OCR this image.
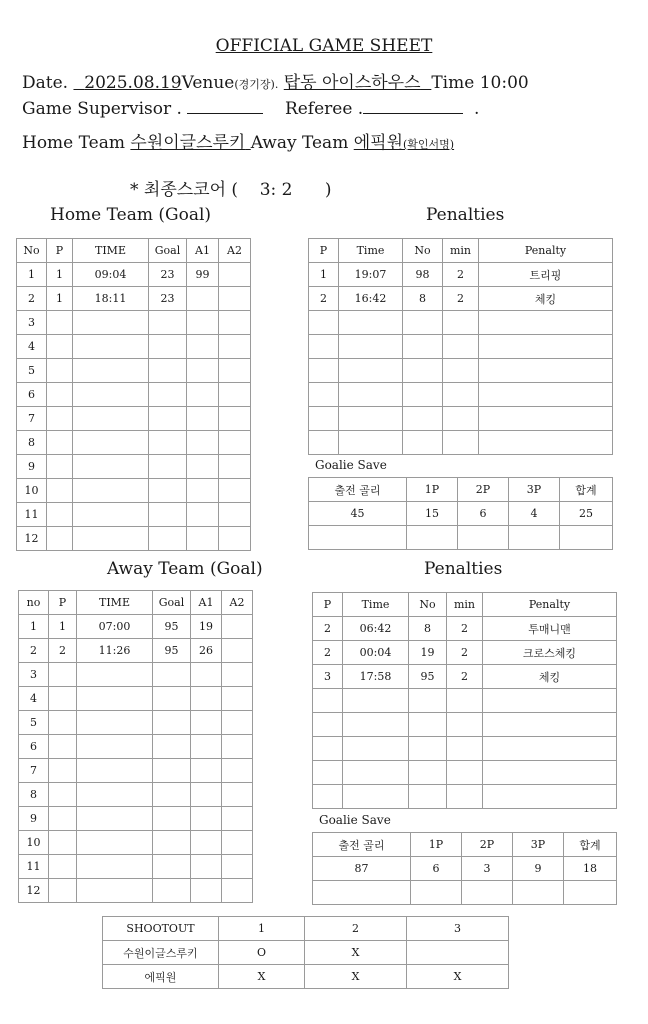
OFFICIAL GAME SHEET
Date. 2025.08.19Venue(경기장). 탑동 아이스하우스 Time 10:00
Game Supervisor .	Referee .	.
Home Team 수원이글스루키 Away Team 에픽원(확인서명)
* 최종스코어 ( 3: 2 )
Home Team (Goal)	Penalties
Away Team (Goal)	Penalties
No	P	TIME	Goal	A1	A2
1	1	09:04	23	99	
2	1	18:11	23		
3					
4					
5					
6					
7					
8					
9					
10					
11					
12					
P	Time	No	min	Penalty
1	19:07	98	2	트리핑
2	16:42	8	2	체킹

Goalie Save
출전 골리	1P	2P	3P	합계
45	15	6	4	25

no	P	TIME	Goal	A1	A2
1	1	07:00	95	19	
2	2	11:26	95	26	
3					
4					
5					
6					
7					
8					
9					
10					
11					
12					
P	Time	No	min	Penalty
2	06:42	8	2	투매니맨
2	00:04	19	2	크로스체킹
3	17:58	95	2	체킹

Goalie Save
출전 골리	1P	2P	3P	합계
87	6	3	9	18

SHOOTOUT	1	2	3
수원이글스루키	O	X	
에픽원	X	X	X
